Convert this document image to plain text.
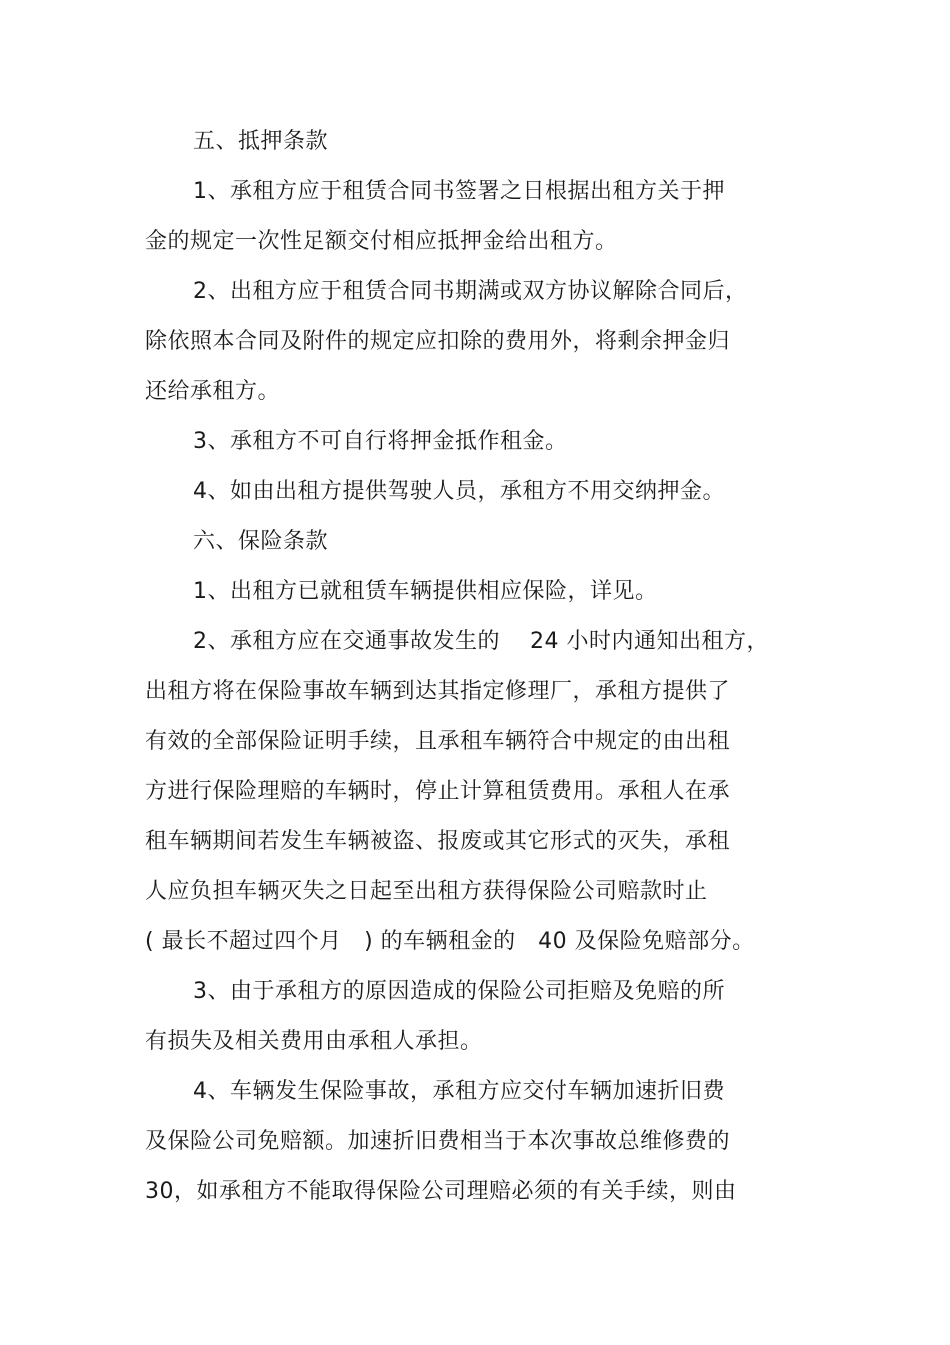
五、抵押条款
1、承租方应于租赁合同书签署之日根据出租方关于押
金的规定一次性足额交付相应抵押金给出租方。
2、出租方应于租赁合同书期满或双方协议解除合同后，
除依照本合同及附件的规定应扣除的费用外，将剩余押金归
还给承租方。
3、承租方不可自行将押金抵作租金。
4、如由出租方提供驾驶人员，承租方不用交纳押金。
六、保险条款
1、出租方已就租赁车辆提供相应保险，详见。
2、承租方应在交通事故发生的　 24 小时内通知出租方，
出租方将在保险事故车辆到达其指定修理厂，承租方提供了
有效的全部保险证明手续，且承租车辆符合中规定的由出租
方进行保险理赔的车辆时，停止计算租赁费用。承租人在承
租车辆期间若发生车辆被盗、报废或其它形式的灭失，承租
人应负担车辆灭失之日起至出租方获得保险公司赔款时止
( 最长不超过四个月　) 的车辆租金的　40 及保险免赔部分。
3、由于承租方的原因造成的保险公司拒赔及免赔的所
有损失及相关费用由承租人承担。
4、车辆发生保险事故，承租方应交付车辆加速折旧费
及保险公司免赔额。加速折旧费相当于本次事故总维修费的
30，如承租方不能取得保险公司理赔必须的有关手续，则由
